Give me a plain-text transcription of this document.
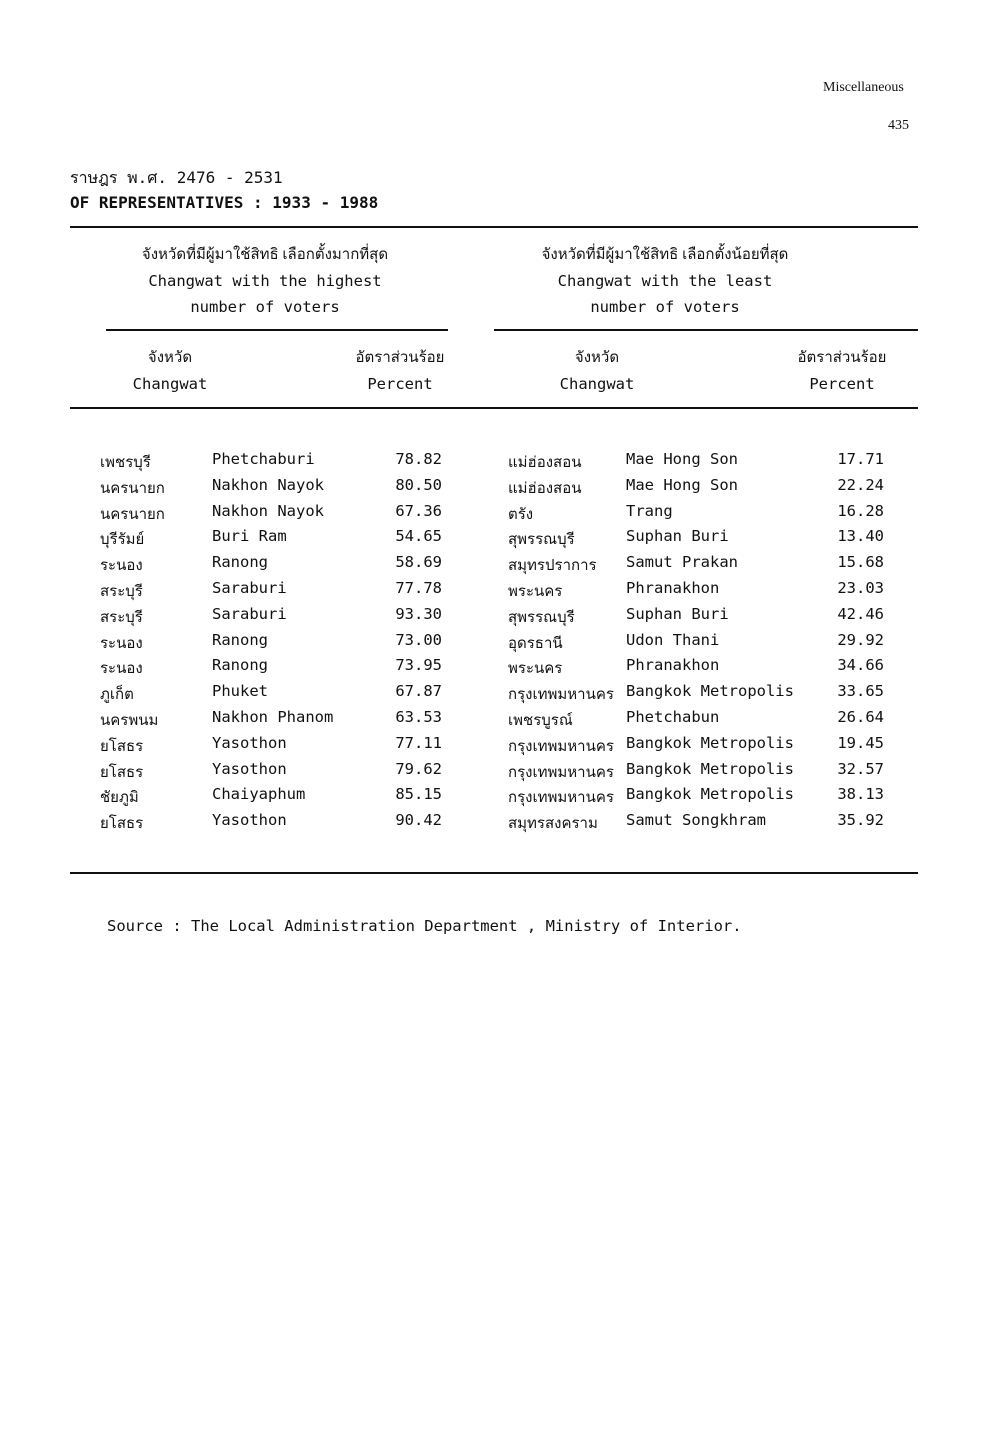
Miscellaneous
435
ราษฎร พ.ศ. 2476 - 2531
OF REPRESENTATIVES : 1933 - 1988
จังหวัดที่มีผู้มาใช้สิทธิ เลือกตั้งมากที่สุด
Changwat with the highest
number of voters
จังหวัดที่มีผู้มาใช้สิทธิ เลือกตั้งน้อยที่สุด
Changwat with the least
number of voters
จังหวัด
Changwat
อัตราส่วนร้อย
Percent
จังหวัด
Changwat
อัตราส่วนร้อย
Percent
เพชรบุรี	Phetchaburi	78.82	แม่ฮ่องสอน	Mae Hong Son	17.71
นครนายก	Nakhon Nayok	80.50	แม่ฮ่องสอน	Mae Hong Son	22.24
นครนายก	Nakhon Nayok	67.36	ตรัง	Trang	16.28
บุรีรัมย์	Buri Ram	54.65	สุพรรณบุรี	Suphan Buri	13.40
ระนอง	Ranong	58.69	สมุทรปราการ Samut Prakan	15.68
สระบุรี	Saraburi	77.78	พระนคร	Phranakhon	23.03
สระบุรี	Saraburi	93.30	สุพรรณบุรี	Suphan Buri	42.46
ระนอง	Ranong	73.00	อุดรธานี	Udon Thani	29.92
ระนอง	Ranong	73.95	พระนคร	Phranakhon	34.66
ภูเก็ต	Phuket	67.87	กรุงเทพมหานคร Bangkok Metropolis	33.65
นครพนม	Nakhon Phanom	63.53	เพชรบูรณ์	Phetchabun	26.64
ยโสธร	Yasothon	77.11	กรุงเทพมหานคร Bangkok Metropolis	19.45
ยโสธร	Yasothon	79.62	กรุงเทพมหานคร Bangkok Metropolis	32.57
ชัยภูมิ	Chaiyaphum	85.15	กรุงเทพมหานคร Bangkok Metropolis	38.13
ยโสธร	Yasothon	90.42	สมุทรสงคราม Samut Songkhram	35.92
Source : The Local Administration Department , Ministry of Interior.
